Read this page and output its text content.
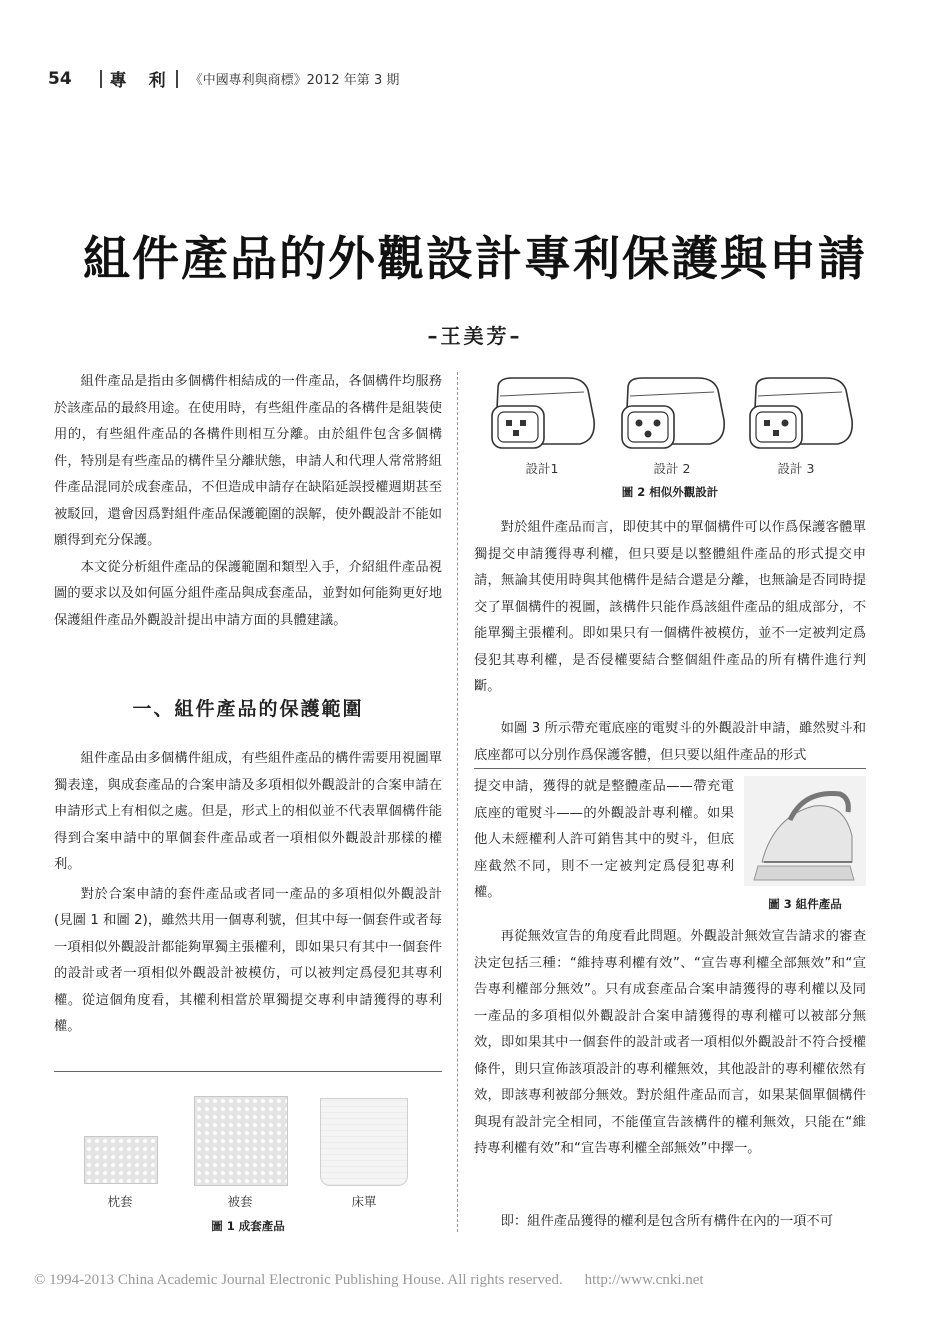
54 專 利 《中國專利與商標》2012 年第 3 期
組件產品的外觀設計專利保護與申請
–王美芳–

組件產品是指由多個構件相結成的一件產品，各個構件均服務於該產品的最終用途。在使用時，有些組件產品的各構件是組裝使用的，有些組件產品的各構件則相互分離。由於組件包含多個構件，特別是有些產品的構件呈分離狀態，申請人和代理人常常將組件產品混同於成套產品，不但造成申請存在缺陷延誤授權週期甚至被駁回，還會因爲對組件產品保護範圍的誤解，使外觀設計不能如願得到充分保護。

本文從分析組件產品的保護範圍和類型入手，介紹組件產品視圖的要求以及如何區分組件產品與成套產品，並對如何能夠更好地保護組件產品外觀設計提出申請方面的具體建議。

一、組件產品的保護範圍

組件產品由多個構件組成，有些組件產品的構件需要用視圖單獨表達，與成套產品的合案申請及多項相似外觀設計的合案申請在申請形式上有相似之處。但是，形式上的相似並不代表單個構件能得到合案申請中的單個套件產品或者一項相似外觀設計那樣的權利。

對於合案申請的套件產品或者同一產品的多項相似外觀設計(見圖 1 和圖 2)，雖然共用一個專利號，但其中每一個套件或者每一項相似外觀設計都能夠單獨主張權利，即如果只有其中一個套件的設計或者一項相似外觀設計被模仿，可以被判定爲侵犯其專利權。從這個角度看，其權利相當於單獨提交專利申請獲得的專利權。

枕套	被套	床單
圖 1 成套產品
設計1	設計 2	設計 3
圖 2 相似外觀設計

對於組件產品而言，即使其中的單個構件可以作爲保護客體單獨提交申請獲得專利權，但只要是以整體組件產品的形式提交申請，無論其使用時與其他構件是結合還是分離，也無論是否同時提交了單個構件的視圖，該構件只能作爲該組件產品的組成部分，不能單獨主張權利。即如果只有一個構件被模仿，並不一定被判定爲侵犯其專利權，是否侵權要結合整個組件產品的所有構件進行判斷。

如圖 3 所示帶充電底座的電熨斗的外觀設計申請，雖然熨斗和底座都可以分別作爲保護客體，但只要以組件產品的形式

提交申請，獲得的就是整體產品——帶充電底座的電熨斗——的外觀設計專利權。如果他人未經權利人許可銷售其中的熨斗，但底座截然不同，則不一定被判定爲侵犯專利權。

圖 3 組件產品

再從無效宣告的角度看此問題。外觀設計無效宣告請求的審查決定包括三種：“維持專利權有效”、“宣告專利權全部無效”和“宣告專利權部分無效”。只有成套產品合案申請獲得的專利權以及同一產品的多項相似外觀設計合案申請獲得的專利權可以被部分無效，即如果其中一個套件的設計或者一項相似外觀設計不符合授權條件，則只宣佈該項設計的專利權無效，其他設計的專利權依然有效，即該專利被部分無效。對於組件產品而言，如果某個單個構件與現有設計完全相同，不能僅宣告該構件的權利無效，只能在“維持專利權有效”和“宣告專利權全部無效”中擇一。

即：組件產品獲得的權利是包含所有構件在內的一項不可

© 1994-2013 China Academic Journal Electronic Publishing House. All rights reserved. http://www.cnki.net
